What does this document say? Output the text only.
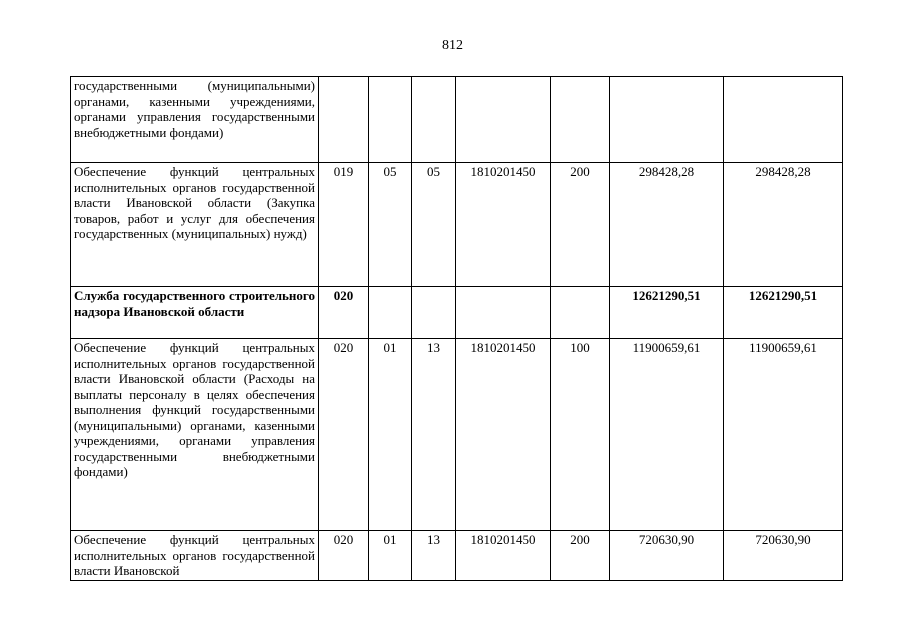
812
государственными (муниципальными) органами, казенными учреждениями, органами управления государственными внебюджетными фондами)							
Обеспечение функций центральных исполнительных органов государственной власти Ивановской области (Закупка товаров, работ и услуг для обеспечения государственных (муниципальных) нужд)	019	05	05	1810201450	200	298428,28	298428,28
Служба государственного строительного надзора Ивановской области	020					12621290,51	12621290,51
Обеспечение функций центральных исполнительных органов государственной власти Ивановской области (Расходы на выплаты персоналу в целях обеспечения выполнения функций государственными (муниципальными) органами, казенными учреждениями, органами управления государственными внебюджетными фондами)	020	01	13	1810201450	100	11900659,61	11900659,61
Обеспечение функций центральных исполнительных органов государственной власти Ивановской	020	01	13	1810201450	200	720630,90	720630,90
